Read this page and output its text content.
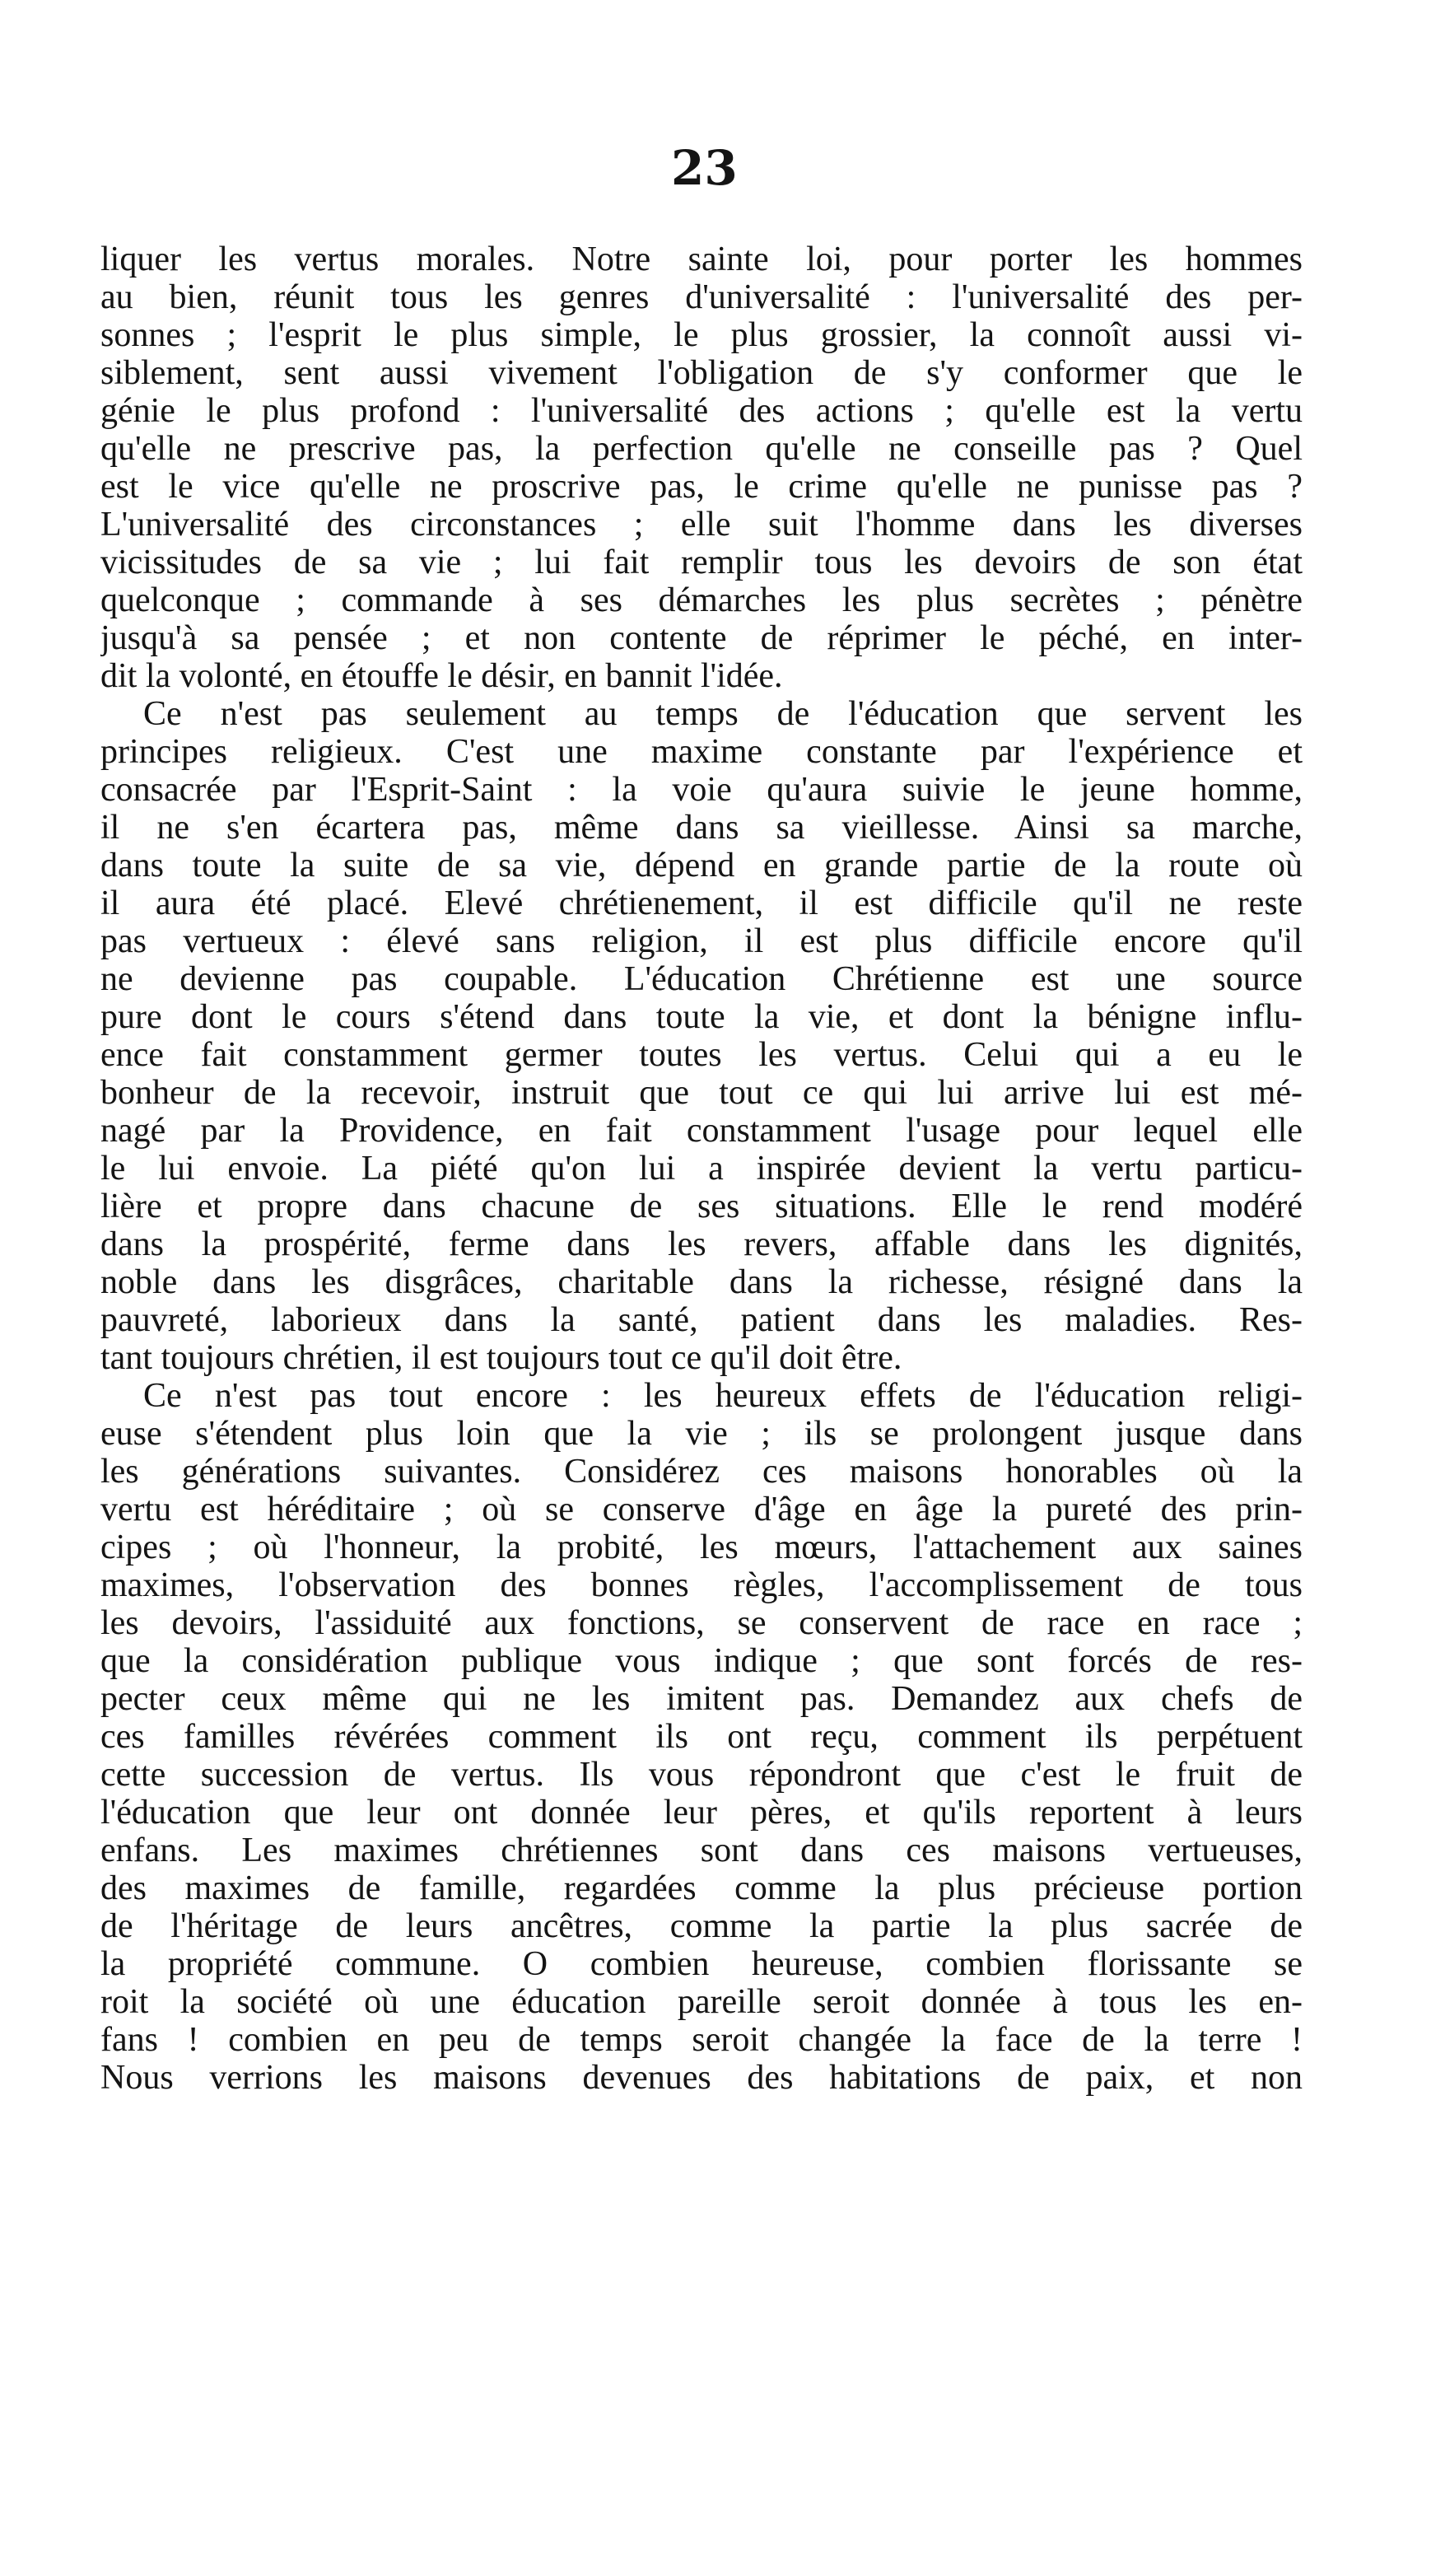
23
liquer les vertus morales. Notre sainte loi, pour porter les hommes
au bien, réunit tous les genres d'universalité : l'universalité des per-
sonnes ; l'esprit le plus simple, le plus grossier, la connoît aussi vi-
siblement, sent aussi vivement l'obligation de s'y conformer que le
génie le plus profond : l'universalité des actions ; qu'elle est la vertu
qu'elle ne prescrive pas, la perfection qu'elle ne conseille pas ? Quel
est le vice qu'elle ne proscrive pas, le crime qu'elle ne punisse pas ?
L'universalité des circonstances ; elle suit l'homme dans les diverses
vicissitudes de sa vie ; lui fait remplir tous les devoirs de son état
quelconque ; commande à ses démarches les plus secrètes ; pénètre
jusqu'à sa pensée ; et non contente de réprimer le péché, en inter-
dit la volonté, en étouffe le désir, en bannit l'idée.
Ce n'est pas seulement au temps de l'éducation que servent les
principes religieux. C'est une maxime constante par l'expérience et
consacrée par l'Esprit-Saint : la voie qu'aura suivie le jeune homme,
il ne s'en écartera pas, même dans sa vieillesse. Ainsi sa marche,
dans toute la suite de sa vie, dépend en grande partie de la route où
il aura été placé. Elevé chrétienement, il est difficile qu'il ne reste
pas vertueux : élevé sans religion, il est plus difficile encore qu'il
ne devienne pas coupable. L'éducation Chrétienne est une source
pure dont le cours s'étend dans toute la vie, et dont la bénigne influ-
ence fait constamment germer toutes les vertus. Celui qui a eu le
bonheur de la recevoir, instruit que tout ce qui lui arrive lui est mé-
nagé par la Providence, en fait constamment l'usage pour lequel elle
le lui envoie. La piété qu'on lui a inspirée devient la vertu particu-
lière et propre dans chacune de ses situations. Elle le rend modéré
dans la prospérité, ferme dans les revers, affable dans les dignités,
noble dans les disgrâces, charitable dans la richesse, résigné dans la
pauvreté, laborieux dans la santé, patient dans les maladies. Res-
tant toujours chrétien, il est toujours tout ce qu'il doit être.
Ce n'est pas tout encore : les heureux effets de l'éducation religi-
euse s'étendent plus loin que la vie ; ils se prolongent jusque dans
les générations suivantes. Considérez ces maisons honorables où la
vertu est héréditaire ; où se conserve d'âge en âge la pureté des prin-
cipes ; où l'honneur, la probité, les mœurs, l'attachement aux saines
maximes, l'observation des bonnes règles, l'accomplissement de tous
les devoirs, l'assiduité aux fonctions, se conservent de race en race ;
que la considération publique vous indique ; que sont forcés de res-
pecter ceux même qui ne les imitent pas. Demandez aux chefs de
ces familles révérées comment ils ont reçu, comment ils perpétuent
cette succession de vertus. Ils vous répondront que c'est le fruit de
l'éducation que leur ont donnée leur pères, et qu'ils reportent à leurs
enfans. Les maximes chrétiennes sont dans ces maisons vertueuses,
des maximes de famille, regardées comme la plus précieuse portion
de l'héritage de leurs ancêtres, comme la partie la plus sacrée de
la propriété commune. O combien heureuse, combien florissante se
roit la société où une éducation pareille seroit donnée à tous les en-
fans ! combien en peu de temps seroit changée la face de la terre !
Nous verrions les maisons devenues des habitations de paix, et non
